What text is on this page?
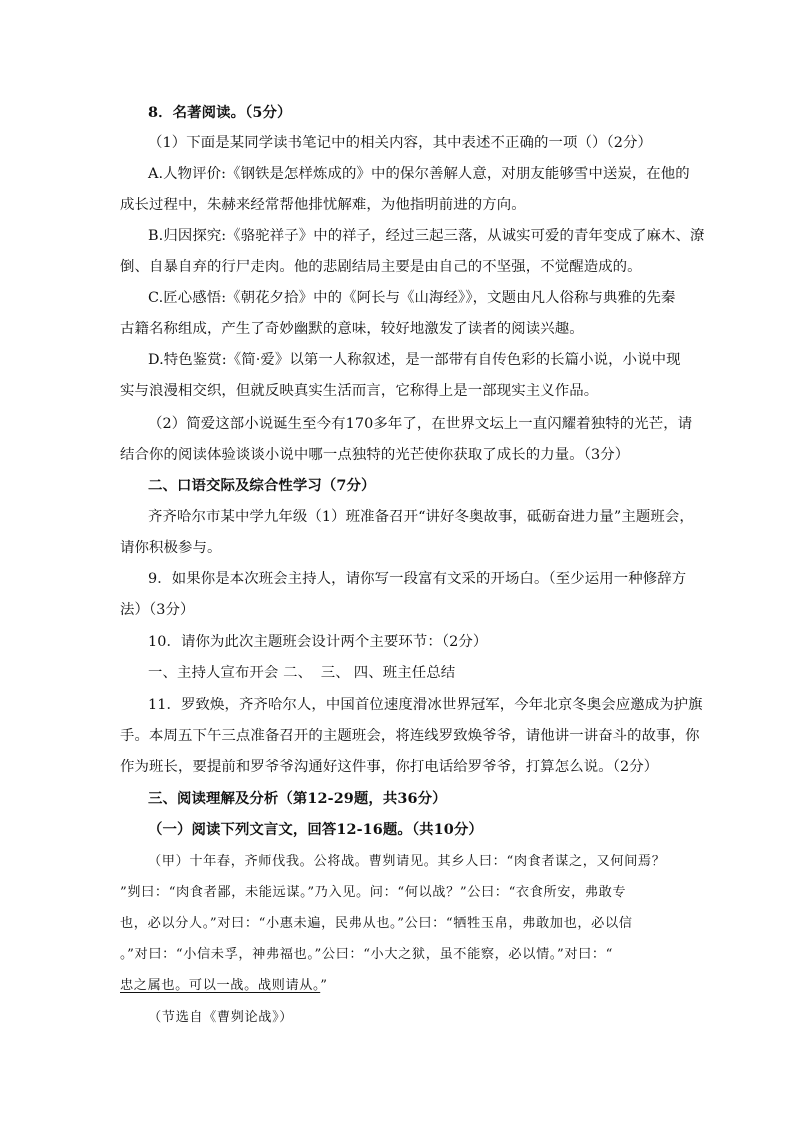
8．名著阅读。（5分）
（1）下面是某同学读书笔记中的相关内容，其中表述不正确的一项（）（2分）
A.人物评价:《钢铁是怎样炼成的》中的保尔善解人意，对朋友能够雪中送炭，在他的
成长过程中，朱赫来经常帮他排忧解难，为他指明前进的方向。
B.归因探究:《骆驼祥子》中的祥子，经过三起三落，从诚实可爱的青年变成了麻木、潦
倒、自暴自弃的行尸走肉。他的悲剧结局主要是由自己的不坚强，不觉醒造成的。
C.匠心感悟:《朝花夕拾》中的《阿长与《山海经》》，文题由凡人俗称与典雅的先秦
古籍名称组成，产生了奇妙幽默的意味，较好地激发了读者的阅读兴趣。
D.特色鉴赏:《简·爱》以第一人称叙述，是一部带有自传色彩的长篇小说，小说中现
实与浪漫相交织，但就反映真实生活而言，它称得上是一部现实主义作品。
（2）简爱这部小说诞生至今有170多年了，在世界文坛上一直闪耀着独特的光芒，请
结合你的阅读体验谈谈小说中哪一点独特的光芒使你获取了成长的力量。（3分）
二、口语交际及综合性学习（7分）
齐齐哈尔市某中学九年级（1）班准备召开“讲好冬奥故事，砥砺奋进力量”主题班会，
请你积极参与。
9．如果你是本次班会主持人，请你写一段富有文采的开场白。（至少运用一种修辞方
法）（3分）
10．请你为此次主题班会设计两个主要环节：（2分）
一、主持人宣布开会 二、 三、 四、班主任总结
11．罗致焕，齐齐哈尔人，中国首位速度滑冰世界冠军，今年北京冬奥会应邀成为护旗
手。本周五下午三点准备召开的主题班会，将连线罗致焕爷爷，请他讲一讲奋斗的故事，你
作为班长，要提前和罗爷爷沟通好这件事，你打电话给罗爷爷，打算怎么说。（2分）
三、阅读理解及分析（第12-29题，共36分）
（一）阅读下列文言文，回答12-16题。（共10分）
（甲）十年春，齐师伐我。公将战。曹刿请见。其乡人曰：“肉食者谋之，又何间焉？
”刿曰：“肉食者鄙，未能远谋。”乃入见。问：“何以战？”公曰：“衣食所安，弗敢专
也，必以分人。”对曰：“小惠未遍，民弗从也。”公曰：“牺牲玉帛，弗敢加也，必以信
。”对曰：“小信未孚，神弗福也。”公曰：“小大之狱，虽不能察，必以情。”对曰：“
忠之属也。可以一战。战则请从。”
（节选自《曹刿论战》）
